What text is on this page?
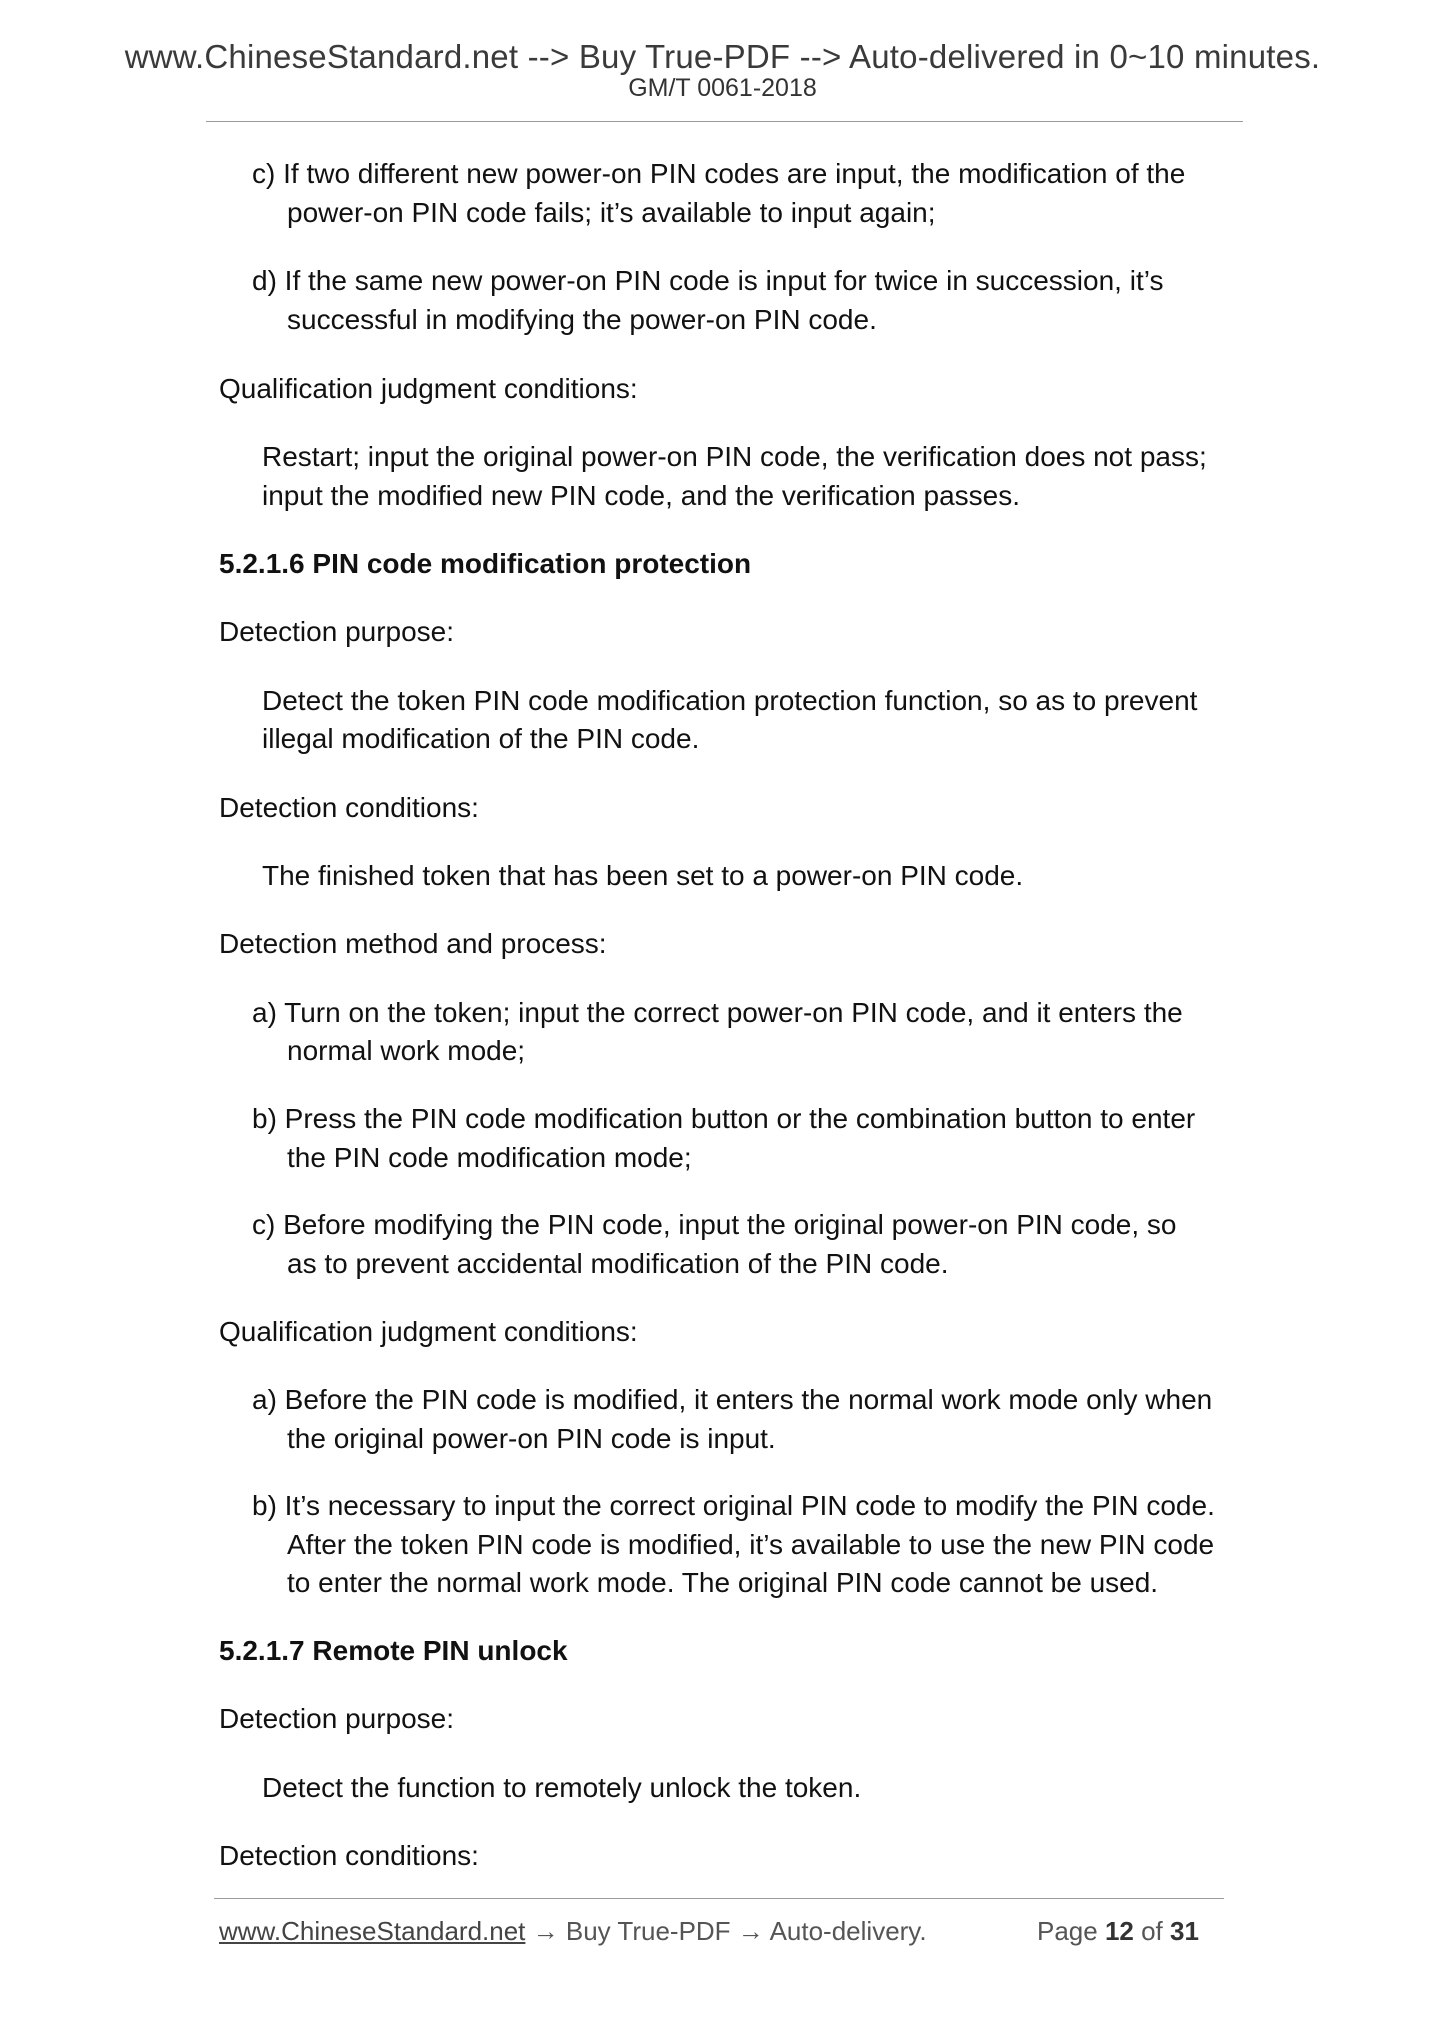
www.ChineseStandard.net --> Buy True-PDF --> Auto-delivered in 0~10 minutes.
GM/T 0061-2018
c) If two different new power-on PIN codes are input, the modification of the
power-on PIN code fails; it’s available to input again;
d) If the same new power-on PIN code is input for twice in succession, it’s
successful in modifying the power-on PIN code.
Qualification judgment conditions:
Restart; input the original power-on PIN code, the verification does not pass;
input the modified new PIN code, and the verification passes.
5.2.1.6 PIN code modification protection
Detection purpose:
Detect the token PIN code modification protection function, so as to prevent
illegal modification of the PIN code.
Detection conditions:
The finished token that has been set to a power-on PIN code.
Detection method and process:
a) Turn on the token; input the correct power-on PIN code, and it enters the
normal work mode;
b) Press the PIN code modification button or the combination button to enter
the PIN code modification mode;
c) Before modifying the PIN code, input the original power-on PIN code, so
as to prevent accidental modification of the PIN code.
Qualification judgment conditions:
a) Before the PIN code is modified, it enters the normal work mode only when
the original power-on PIN code is input.
b) It’s necessary to input the correct original PIN code to modify the PIN code.
After the token PIN code is modified, it’s available to use the new PIN code
to enter the normal work mode. The original PIN code cannot be used.
5.2.1.7 Remote PIN unlock
Detection purpose:
Detect the function to remotely unlock the token.
Detection conditions:
www.ChineseStandard.net → Buy True-PDF → Auto-delivery.	Page 12 of 31
